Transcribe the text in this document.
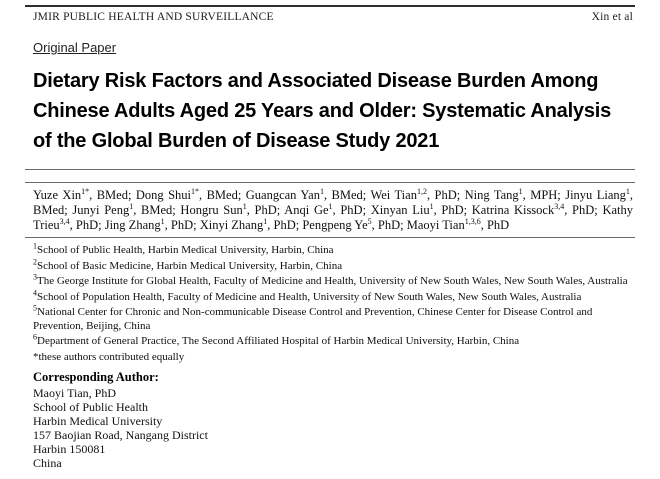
JMIR PUBLIC HEALTH AND SURVEILLANCE	Xin et al
Original Paper
Dietary Risk Factors and Associated Disease Burden Among Chinese Adults Aged 25 Years and Older: Systematic Analysis of the Global Burden of Disease Study 2021
Yuze Xin$^{1*}$, BMed; Dong Shui$^{1*}$, BMed; Guangcan Yan$^1$, BMed; Wei Tian$^{1,2}$, PhD; Ning Tang$^1$, MPH; Jinyu Liang$^1$, BMed; Junyi Peng$^1$, BMed; Hongru Sun$^1$, PhD; Anqi Ge$^1$, PhD; Xinyan Liu$^1$, PhD; Katrina Kissock$^{3,4}$, PhD; Kathy Trieu$^{3,4}$, PhD; Jing Zhang$^1$, PhD; Xinyi Zhang$^1$, PhD; Pengpeng Ye$^5$, PhD; Maoyi Tian$^{1,3,6}$, PhD
$^1$School of Public Health, Harbin Medical University, Harbin, China
$^2$School of Basic Medicine, Harbin Medical University, Harbin, China
$^3$The George Institute for Global Health, Faculty of Medicine and Health, University of New South Wales, New South Wales, Australia
$^4$School of Population Health, Faculty of Medicine and Health, University of New South Wales, New South Wales, Australia
$^5$National Center for Chronic and Non-communicable Disease Control and Prevention, Chinese Center for Disease Control and Prevention, Beijing, China
$^6$Department of General Practice, The Second Affiliated Hospital of Harbin Medical University, Harbin, China
*these authors contributed equally
Corresponding Author:
Maoyi Tian, PhD
School of Public Health
Harbin Medical University
157 Baojian Road, Nangang District
Harbin 150081
China
